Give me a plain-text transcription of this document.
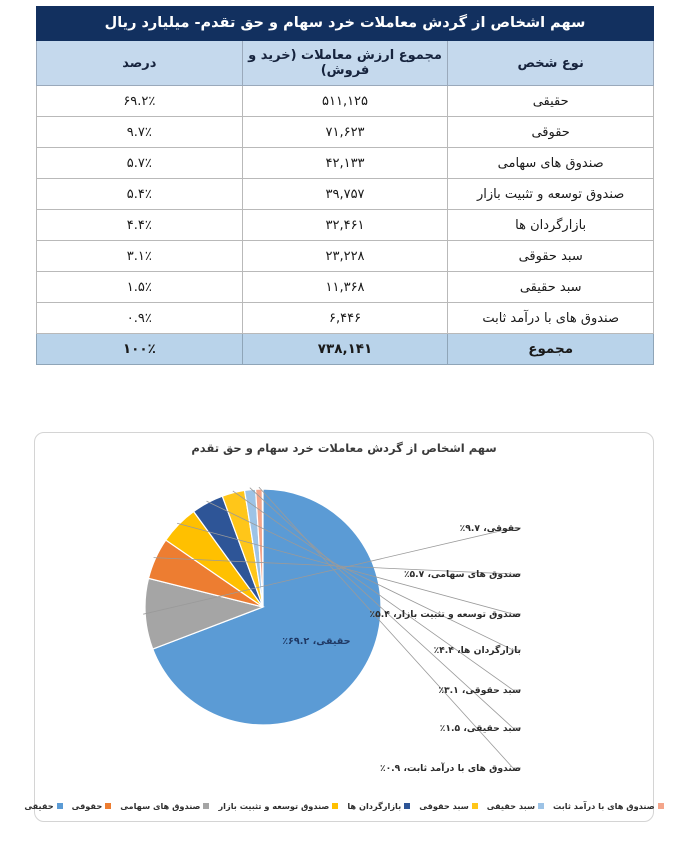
سهم اشخاص از گردش معاملات خرد سهام و حق تقدم- میلیارد ریال		
نوع شخص	مجموع ارزش معاملات (خرید و فروش)	درصد
حقیقی	۵۱۱,۱۲۵	۶۹.۲٪
حقوقی	۷۱,۶۲۳	۹.۷٪
صندوق های سهامی	۴۲,۱۳۳	۵.۷٪
صندوق توسعه و تثبیت بازار	۳۹,۷۵۷	۵.۴٪
بازارگردان ها	۳۲,۴۶۱	۴.۴٪
سبد حقوقی	۲۳,۲۲۸	۳.۱٪
سبد حقیقی	۱۱,۳۶۸	۱.۵٪
صندوق های با درآمد ثابت	۶,۴۴۶	۰.۹٪
مجموع	۷۳۸,۱۴۱	۱۰۰٪
سهم اشخاص از گردش معاملات خرد سهام و حق تقدم
حقیقی، ۶۹.۲٪
حقوقی، ۹.۷٪
صندوق های سهامی، ۵.۷٪
صندوق توسعه و تثبیت بازار، ۵.۴٪
بازارگردان ها، ۴.۴٪
سبد حقوقی، ۳.۱٪
سبد حقیقی، ۱.۵٪
صندوق های با درآمد ثابت، ۰.۹٪
صندوق های با درآمد ثابت
سبد حقیقی
سبد حقوقی
بازارگردان ها
صندوق توسعه و تثبیت بازار
صندوق های سهامی
حقوقی
حقیقی
